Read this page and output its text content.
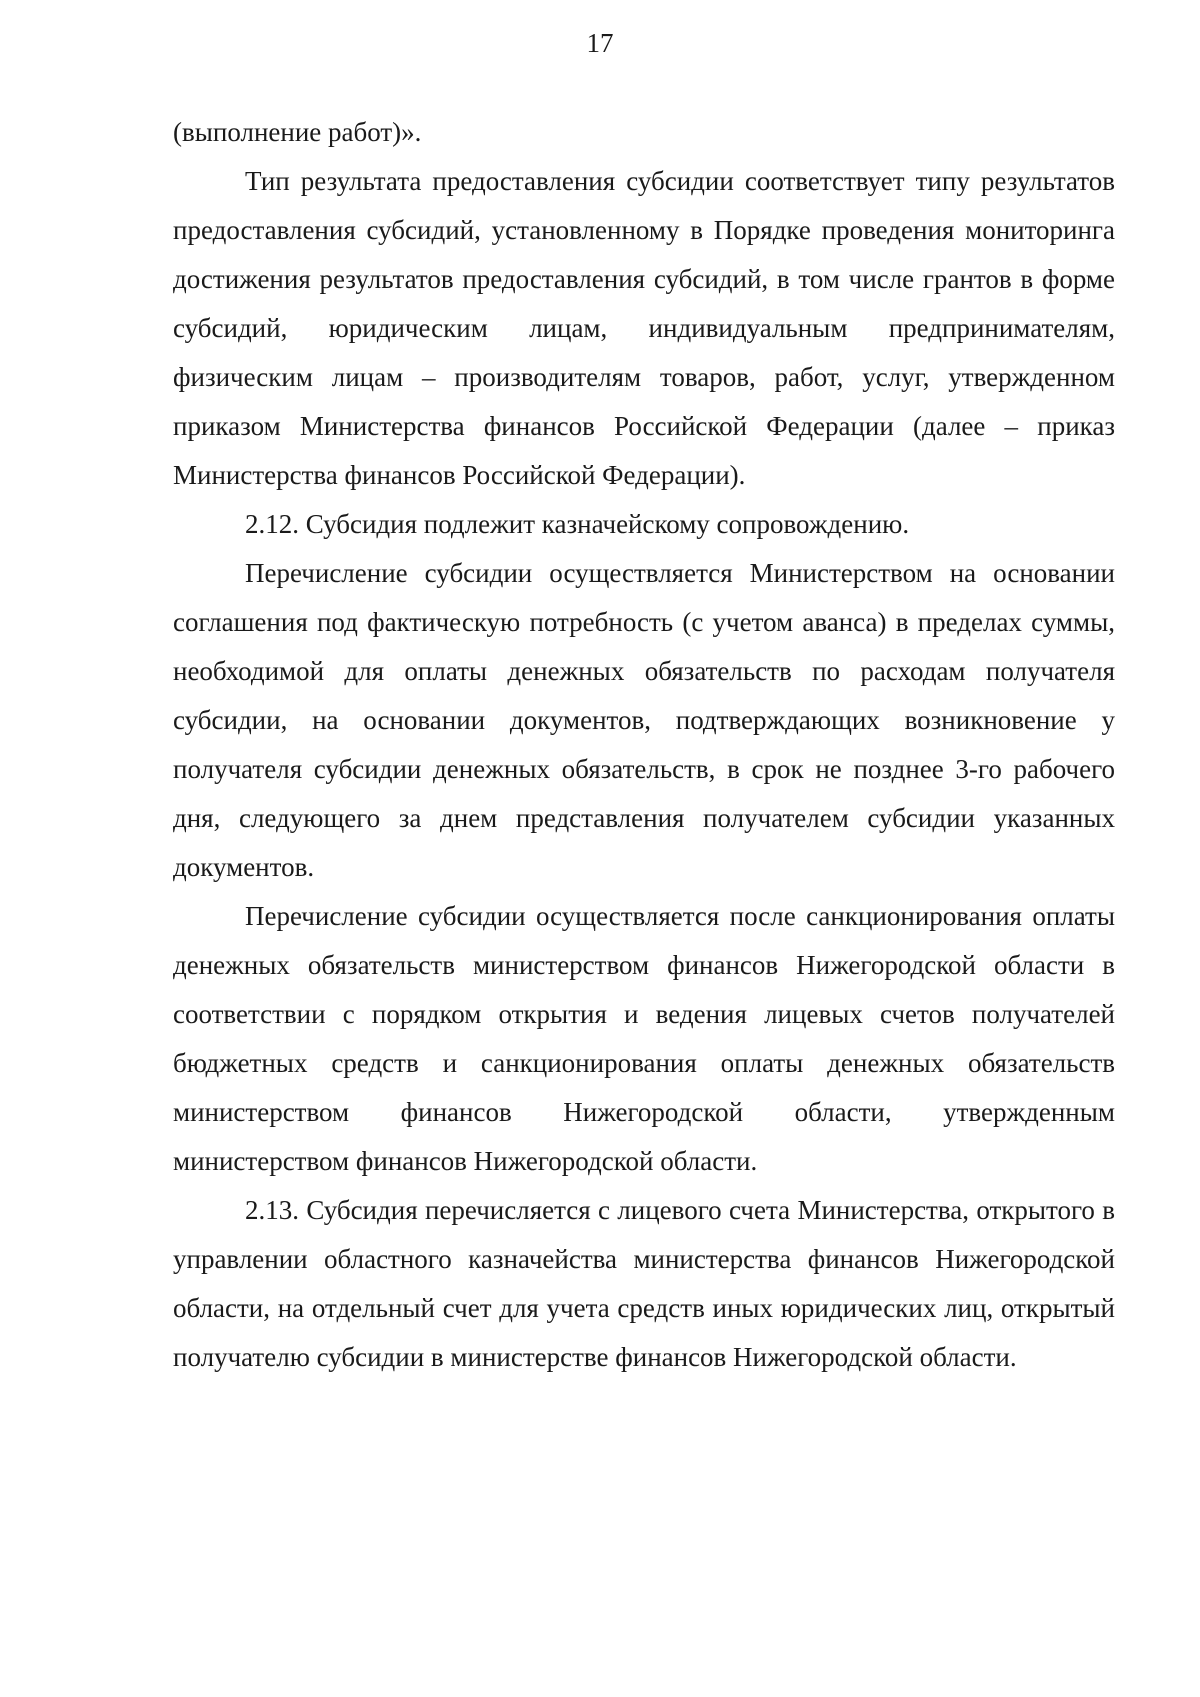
17

(выполнение работ)».

Тип результата предоставления субсидии соответствует типу результатов предоставления субсидий, установленному в Порядке проведения мониторинга достижения результатов предоставления субсидий, в том числе грантов в форме субсидий, юридическим лицам, индивидуальным предпринимателям, физическим лицам – производителям товаров, работ, услуг, утвержденном приказом Министерства финансов Российской Федерации (далее – приказ Министерства финансов Российской Федерации).

2.12. Субсидия подлежит казначейскому сопровождению.

Перечисление субсидии осуществляется Министерством на основании соглашения под фактическую потребность (с учетом аванса) в пределах суммы, необходимой для оплаты денежных обязательств по расходам получателя субсидии, на основании документов, подтверждающих возникновение у получателя субсидии денежных обязательств, в срок не позднее 3-го рабочего дня, следующего за днем представления получателем субсидии указанных документов.

Перечисление субсидии осуществляется после санкционирования оплаты денежных обязательств министерством финансов Нижегородской области в соответствии с порядком открытия и ведения лицевых счетов получателей бюджетных средств и санкционирования оплаты денежных обязательств министерством финансов Нижегородской области, утвержденным министерством финансов Нижегородской области.

2.13. Субсидия перечисляется с лицевого счета Министерства, открытого в управлении областного казначейства министерства финансов Нижегородской области, на отдельный счет для учета средств иных юридических лиц, открытый получателю субсидии в министерстве финансов Нижегородской области.
